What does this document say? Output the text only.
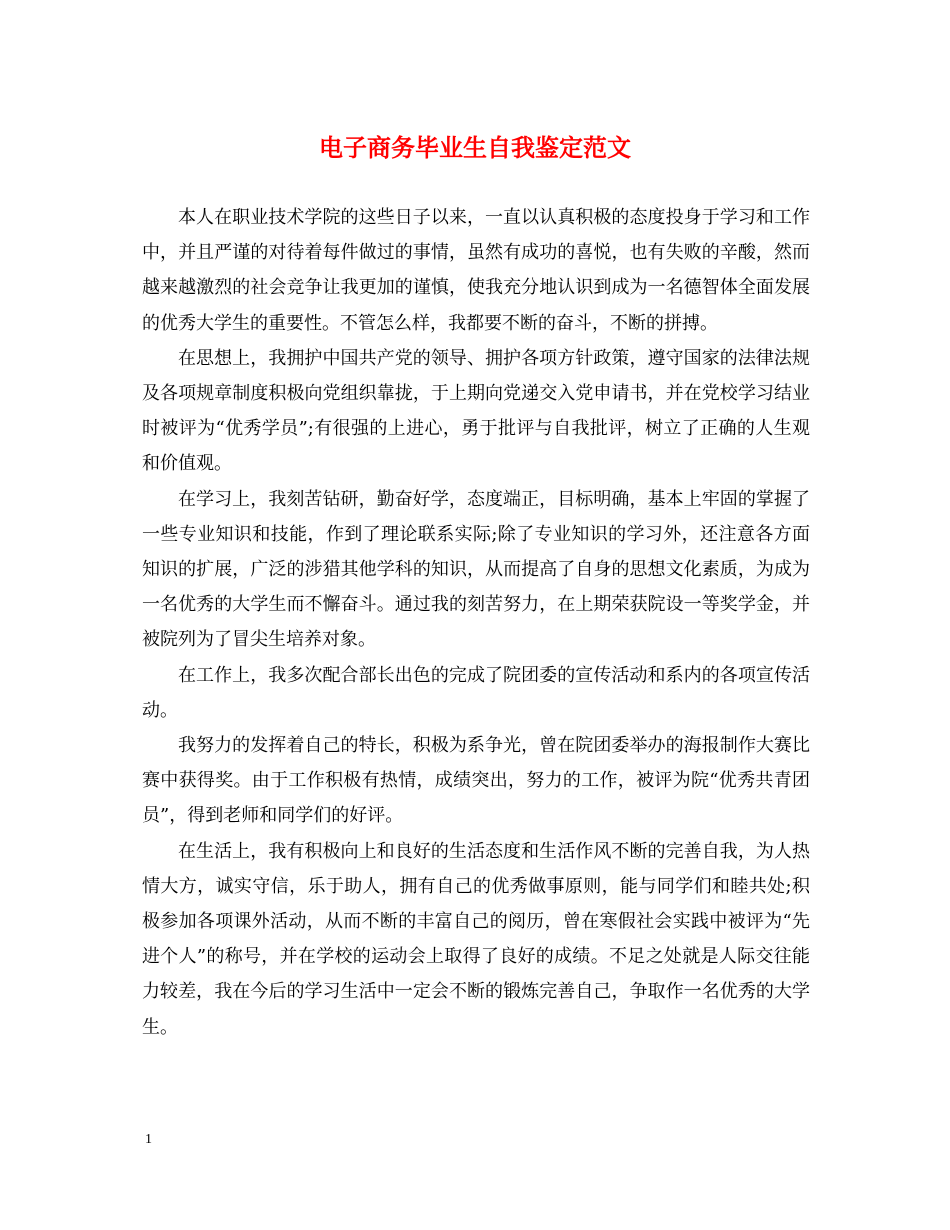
电子商务毕业生自我鉴定范文

本人在职业技术学院的这些日子以来，一直以认真积极的态度投身于学习和工作中，并且严谨的对待着每件做过的事情，虽然有成功的喜悦，也有失败的辛酸，然而越来越激烈的社会竞争让我更加的谨慎，使我充分地认识到成为一名德智体全面发展的优秀大学生的重要性。不管怎么样，我都要不断的奋斗，不断的拼搏。

在思想上，我拥护中国共产党的领导、拥护各项方针政策，遵守国家的法律法规及各项规章制度积极向党组织靠拢，于上期向党递交入党申请书，并在党校学习结业时被评为“优秀学员”;有很强的上进心，勇于批评与自我批评，树立了正确的人生观和价值观。

在学习上，我刻苦钻研，勤奋好学，态度端正，目标明确，基本上牢固的掌握了一些专业知识和技能，作到了理论联系实际;除了专业知识的学习外，还注意各方面知识的扩展，广泛的涉猎其他学科的知识，从而提高了自身的思想文化素质，为成为一名优秀的大学生而不懈奋斗。通过我的刻苦努力，在上期荣获院设一等奖学金，并被院列为了冒尖生培养对象。

在工作上，我多次配合部长出色的完成了院团委的宣传活动和系内的各项宣传活动。

我努力的发挥着自己的特长，积极为系争光，曾在院团委举办的海报制作大赛比赛中获得奖。由于工作积极有热情，成绩突出，努力的工作，被评为院“优秀共青团员”，得到老师和同学们的好评。

在生活上，我有积极向上和良好的生活态度和生活作风不断的完善自我，为人热情大方，诚实守信，乐于助人，拥有自己的优秀做事原则，能与同学们和睦共处;积极参加各项课外活动，从而不断的丰富自己的阅历，曾在寒假社会实践中被评为“先进个人”的称号，并在学校的运动会上取得了良好的成绩。不足之处就是人际交往能力较差，我在今后的学习生活中一定会不断的锻炼完善自己，争取作一名优秀的大学生。

1
